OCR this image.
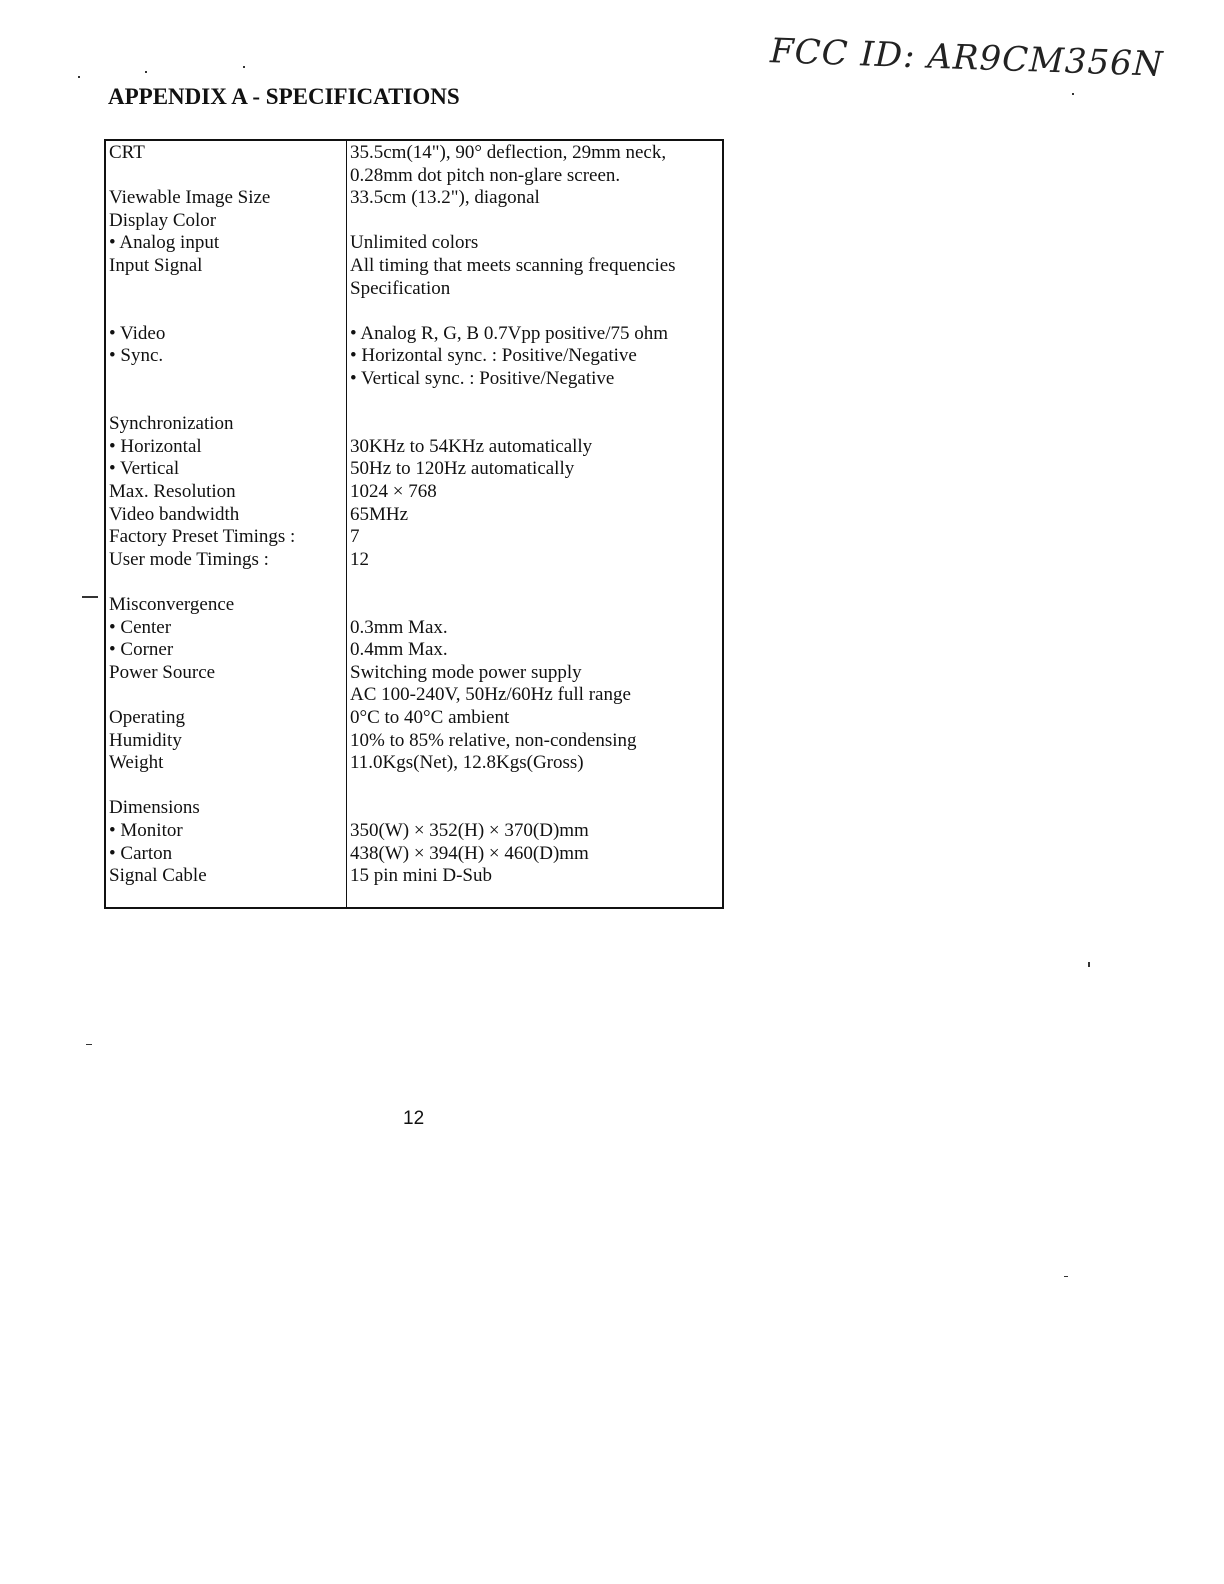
FCC ID: AR9CM356N
APPENDIX A - SPECIFICATIONS
CRT	35.5cm(14"), 90° deflection, 29mm neck,
0.28mm dot pitch non-glare screen.
Viewable Image Size	33.5cm (13.2"), diagonal
Display Color
• Analog input	Unlimited colors
Input Signal	All timing that meets scanning frequencies
Specification
• Video	• Analog R, G, B 0.7Vpp positive/75 ohm
• Sync.	• Horizontal sync. : Positive/Negative
• Vertical sync. : Positive/Negative
Synchronization
• Horizontal	30KHz to 54KHz automatically
• Vertical	50Hz to 120Hz automatically
Max. Resolution	1024 × 768
Video bandwidth	65MHz
Factory Preset Timings :	7
User mode Timings :	12
Misconvergence
• Center	0.3mm Max.
• Corner	0.4mm Max.
Power Source	Switching mode power supply
AC 100-240V, 50Hz/60Hz full range
Operating	0°C to 40°C ambient
Humidity	10% to 85% relative, non-condensing
Weight	11.0Kgs(Net), 12.8Kgs(Gross)
Dimensions
• Monitor	350(W) × 352(H) × 370(D)mm
• Carton	438(W) × 394(H) × 460(D)mm
Signal Cable	15 pin mini D-Sub
12
